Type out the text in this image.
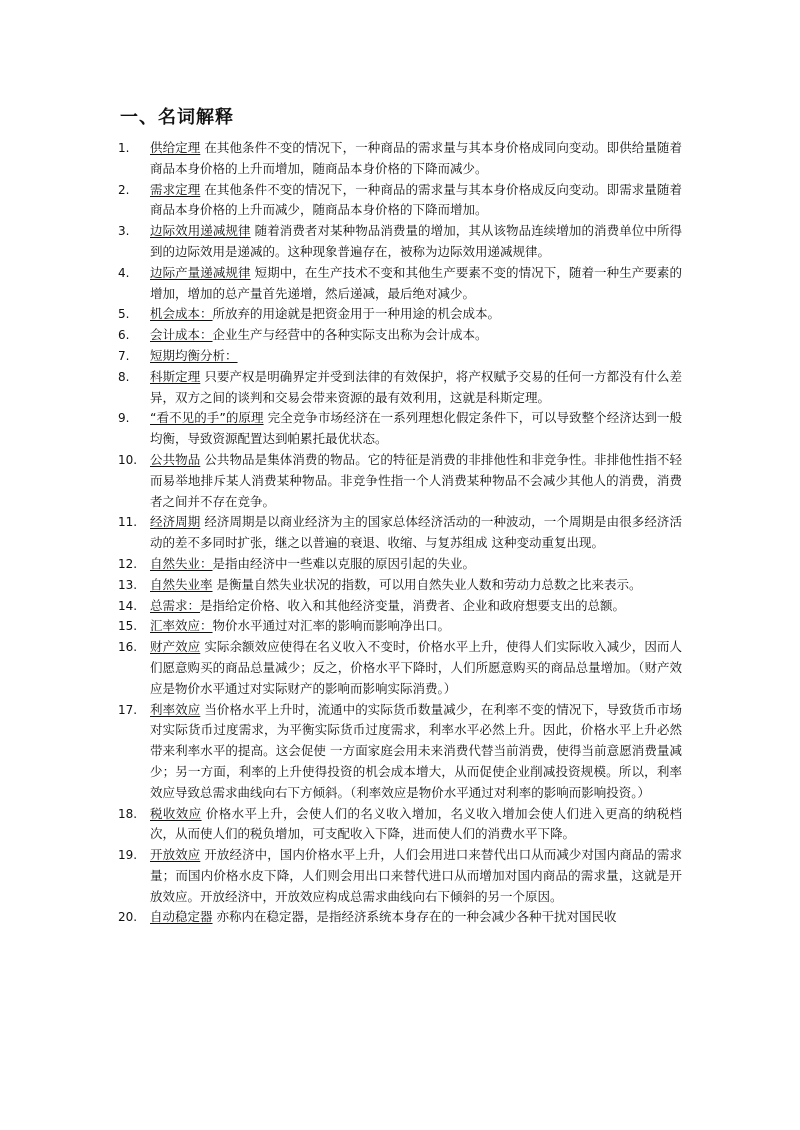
一、名词解释
1.	供给定理 在其他条件不变的情况下，一种商品的需求量与其本身价格成同向变动。即供给量随着商品本身价格的上升而增加，随商品本身价格的下降而减少。
2.	需求定理 在其他条件不变的情况下，一种商品的需求量与其本身价格成反向变动。即需求量随着商品本身价格的上升而减少，随商品本身价格的下降而增加。
3.	边际效用递减规律 随着消费者对某种物品消费量的增加，其从该物品连续增加的消费单位中所得到的边际效用是递减的。这种现象普遍存在，被称为边际效用递减规律。
4.	边际产量递减规律 短期中，在生产技术不变和其他生产要素不变的情况下，随着一种生产要素的增加，增加的总产量首先递增，然后递减，最后绝对减少。
5.	机会成本：所放弃的用途就是把资金用于一种用途的机会成本。
6.	会计成本：企业生产与经营中的各种实际支出称为会计成本。
7.	短期均衡分析：
8.	科斯定理 只要产权是明确界定并受到法律的有效保护，将产权赋予交易的任何一方都没有什么差异，双方之间的谈判和交易会带来资源的最有效利用，这就是科斯定理。
9.	“看不见的手”的原理 完全竞争市场经济在一系列理想化假定条件下，可以导致整个经济达到一般均衡，导致资源配置达到帕累托最优状态。
10.	公共物品 公共物品是集体消费的物品。它的特征是消费的非排他性和非竞争性。非排他性指不轻而易举地排斥某人消费某种物品。非竞争性指一个人消费某种物品不会减少其他人的消费，消费者之间并不存在竞争。
11.	经济周期 经济周期是以商业经济为主的国家总体经济活动的一种波动，一个周期是由很多经济活动的差不多同时扩张，继之以普遍的衰退、收缩、与复苏组成 这种变动重复出现。
12.	自然失业：是指由经济中一些难以克服的原因引起的失业。
13.	自然失业率 是衡量自然失业状况的指数，可以用自然失业人数和劳动力总数之比来表示。
14.	总需求：是指给定价格、收入和其他经济变量，消费者、企业和政府想要支出的总额。
15.	汇率效应：物价水平通过对汇率的影响而影响净出口。
16.	财产效应 实际余额效应使得在名义收入不变时，价格水平上升，使得人们实际收入减少，因而人们愿意购买的商品总量减少；反之，价格水平下降时，人们所愿意购买的商品总量增加。（财产效应是物价水平通过对实际财产的影响而影响实际消费。）
17.	利率效应 当价格水平上升时，流通中的实际货币数量减少，在利率不变的情况下，导致货币市场对实际货币过度需求，为平衡实际货币过度需求，利率水平必然上升。因此，价格水平上升必然带来利率水平的提高。这会促使 一方面家庭会用未来消费代替当前消费，使得当前意愿消费量减少；另一方面，利率的上升使得投资的机会成本增大，从而促使企业削减投资规模。所以，利率效应导致总需求曲线向右下方倾斜。（利率效应是物价水平通过对利率的影响而影响投资。）
18.	税收效应 价格水平上升，会使人们的名义收入增加，名义收入增加会使人们进入更高的纳税档次，从而使人们的税负增加，可支配收入下降，进而使人们的消费水平下降。
19.	开放效应 开放经济中，国内价格水平上升，人们会用进口来替代出口从而减少对国内商品的需求量；而国内价格水皮下降，人们则会用出口来替代进口从而增加对国内商品的需求量，这就是开放效应。开放经济中，开放效应构成总需求曲线向右下倾斜的另一个原因。
20.	自动稳定器 亦称内在稳定器，是指经济系统本身存在的一种会减少各种干扰对国民收
